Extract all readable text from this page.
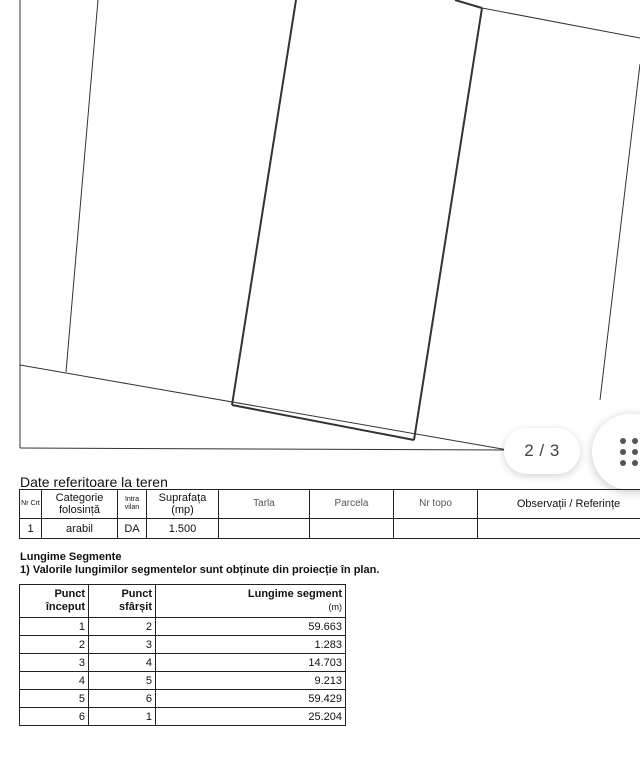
2 / 3
Date referitoare la teren
Nr Crt	Categorie folosință	Intra vilan	Suprafața (mp)	Tarla	Parcela	Nr topo	Observații / Referințe
1	arabil	DA	1.500				
Lungime Segmente
1) Valorile lungimilor segmentelor sunt obținute din proiecție în plan.
Punct început	Punct sfârșit	Lungime segment
(m)
1	2	59.663
2	3	1.283
3	4	14.703
4	5	9.213
5	6	59.429
6	1	25.204
